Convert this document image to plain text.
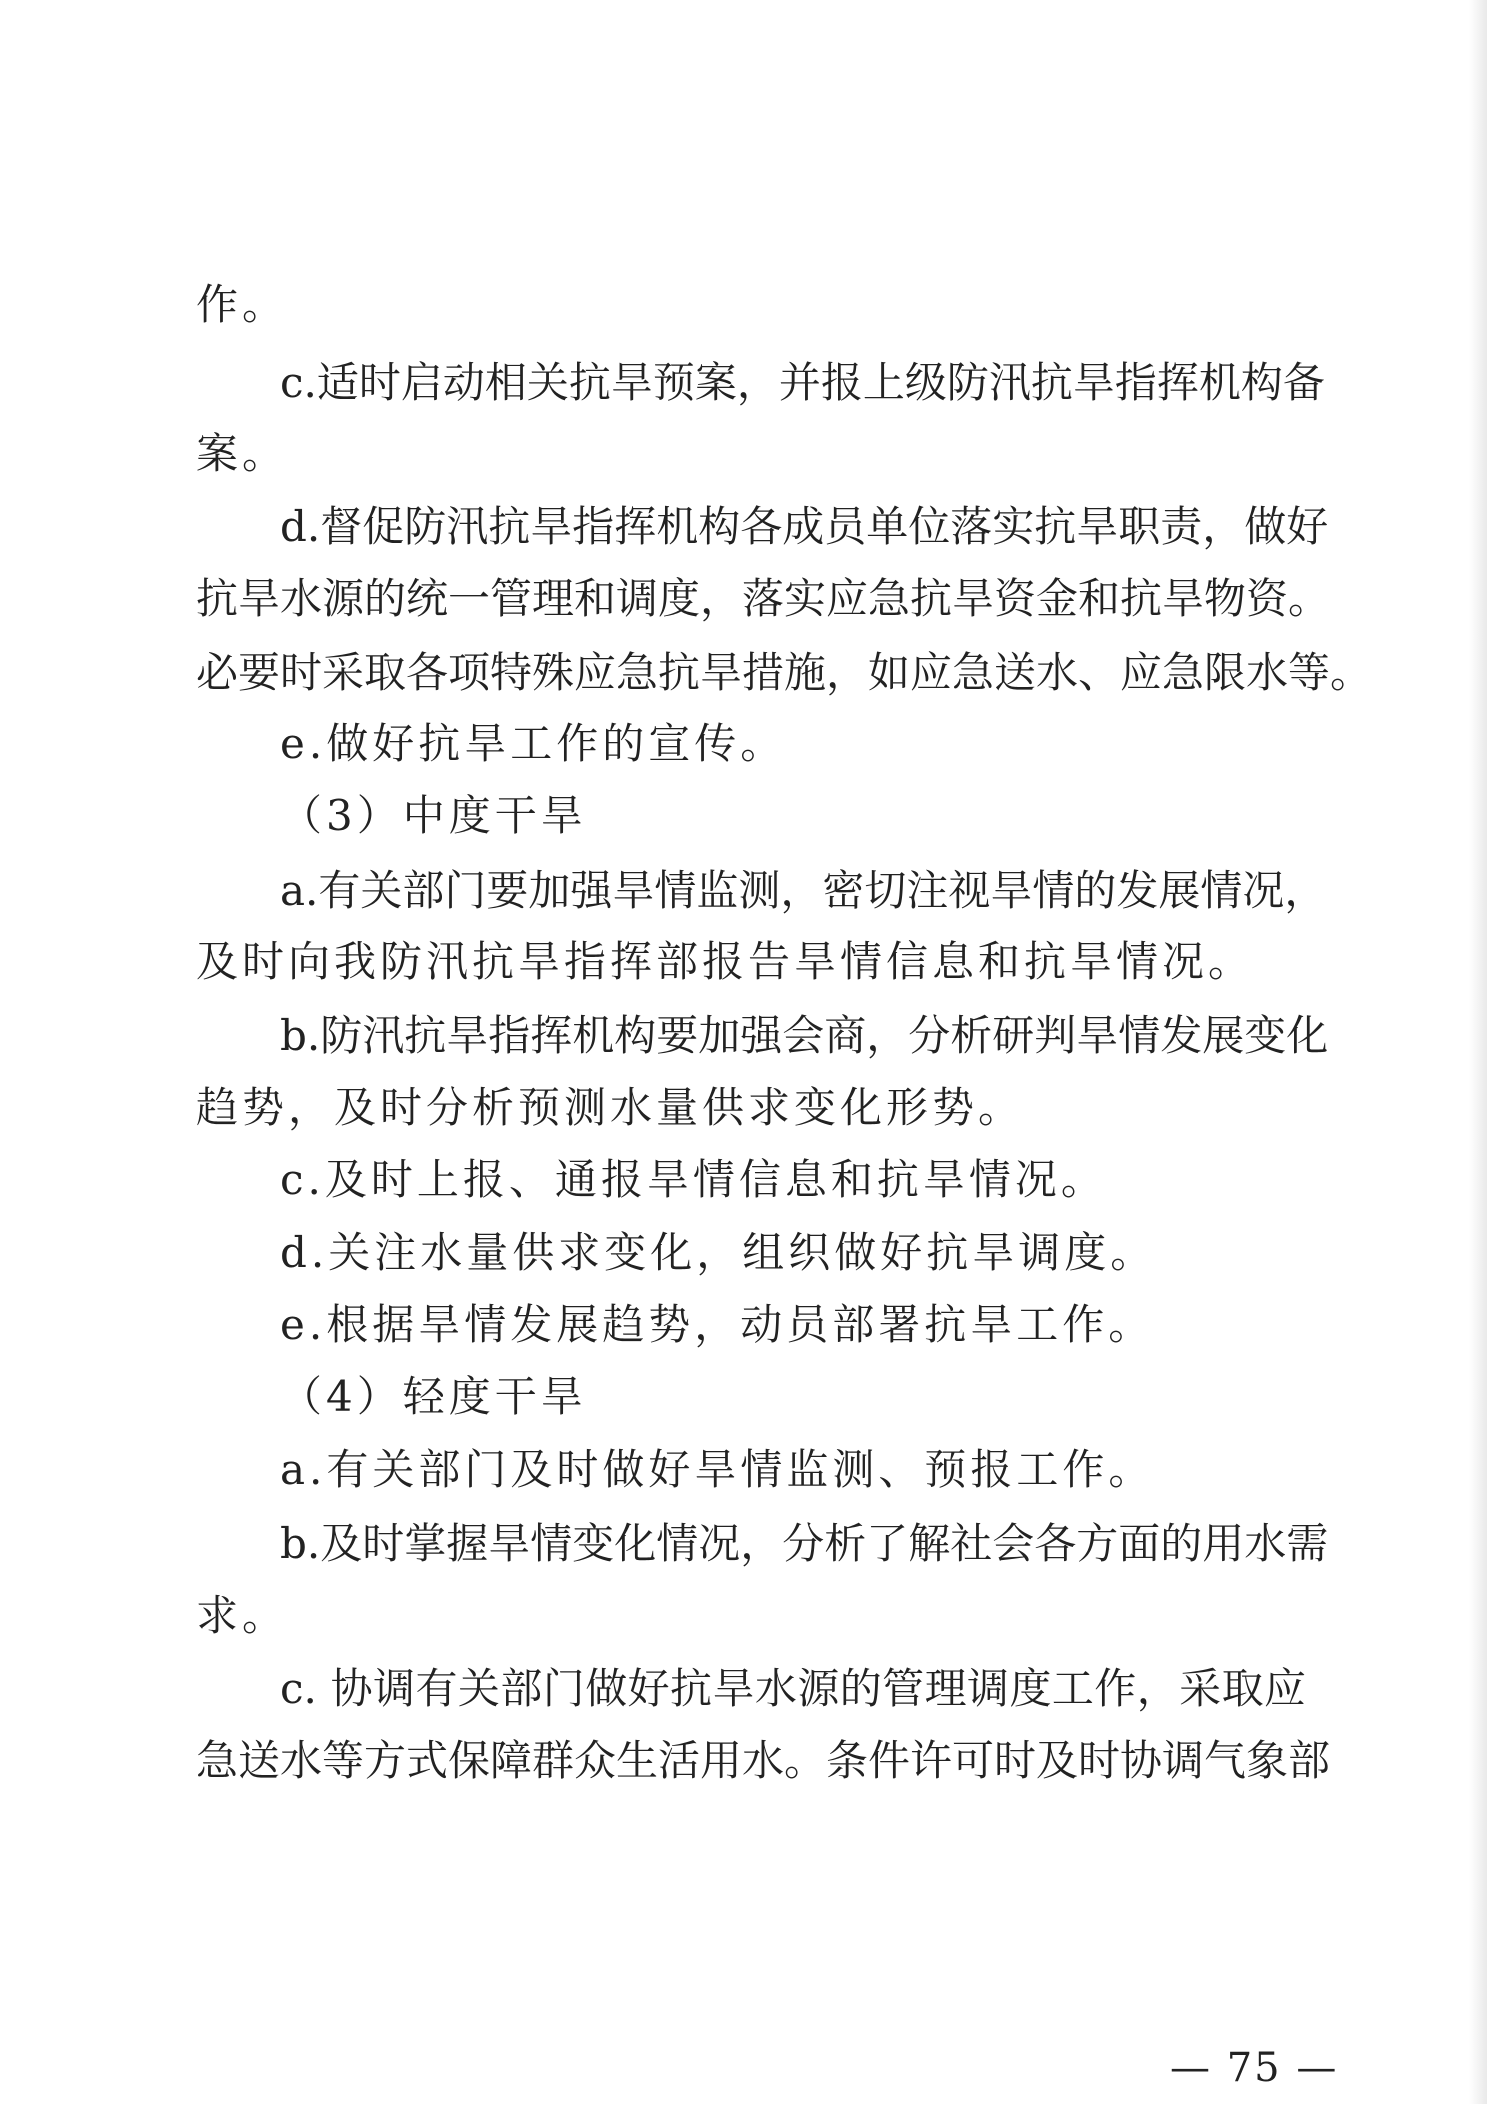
作。
c.适时启动相关抗旱预案，并报上级防汛抗旱指挥机构备
案。
d.督促防汛抗旱指挥机构各成员单位落实抗旱职责，做好
抗旱水源的统一管理和调度，落实应急抗旱资金和抗旱物资。
必要时采取各项特殊应急抗旱措施，如应急送水、应急限水等。
e.做好抗旱工作的宣传。
（3）中度干旱
a.有关部门要加强旱情监测，密切注视旱情的发展情况，
及时向我防汛抗旱指挥部报告旱情信息和抗旱情况。
b.防汛抗旱指挥机构要加强会商，分析研判旱情发展变化
趋势，及时分析预测水量供求变化形势。
c.及时上报、通报旱情信息和抗旱情况。
d.关注水量供求变化，组织做好抗旱调度。
e.根据旱情发展趋势，动员部署抗旱工作。
（4）轻度干旱
a.有关部门及时做好旱情监测、预报工作。
b.及时掌握旱情变化情况，分析了解社会各方面的用水需
求。
c. 协调有关部门做好抗旱水源的管理调度工作，采取应
急送水等方式保障群众生活用水。条件许可时及时协调气象部
— 75 —
